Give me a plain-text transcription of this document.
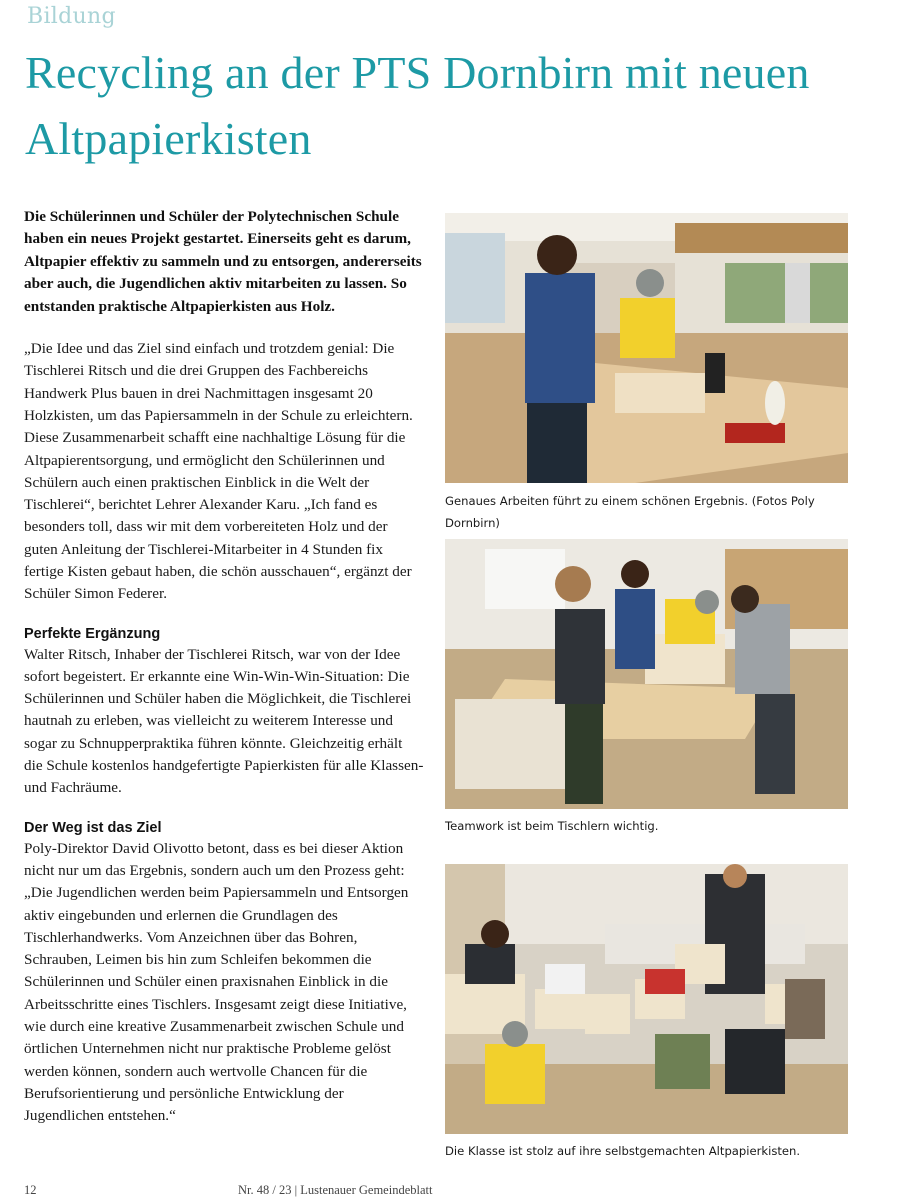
Bildung
Recycling an der PTS Dornbirn mit neuen Altpapierkisten

Die Schülerinnen und Schüler der Polytechnischen Schule haben ein neues Projekt gestartet. Einerseits geht es darum, Altpapier effektiv zu sammeln und zu entsorgen, andererseits aber auch, die Jugendlichen aktiv mitarbeiten zu lassen. So entstanden praktische Altpapierkisten aus Holz.

„Die Idee und das Ziel sind einfach und trotzdem genial: Die Tischlerei Ritsch und die drei Gruppen des Fachbereichs Handwerk Plus bauen in drei Nachmittagen insgesamt 20 Holzkisten, um das Papiersammeln in der Schule zu erleichtern. Diese Zusammenarbeit schafft eine nachhaltige Lösung für die Altpapierentsorgung, und ermöglicht den Schülerinnen und Schülern auch einen praktischen Einblick in die Welt der Tischlerei“, berichtet Lehrer Alexander Karu. „Ich fand es besonders toll, dass wir mit dem vorbereiteten Holz und der guten Anleitung der Tischlerei-Mitarbeiter in 4 Stunden fix fertige Kisten gebaut haben, die schön ausschauen“, ergänzt der Schüler Simon Federer.

Perfekte Ergänzung

Walter Ritsch, Inhaber der Tischlerei Ritsch, war von der Idee sofort begeistert. Er erkannte eine Win-Win-Win-Situation: Die Schülerinnen und Schüler haben die Möglichkeit, die Tischlerei hautnah zu erleben, was vielleicht zu weiterem Interesse und sogar zu Schnupperpraktika führen könnte. Gleichzeitig erhält die Schule kostenlos handgefertigte Papierkisten für alle Klassen- und Fachräume.

Der Weg ist das Ziel

Poly-Direktor David Olivotto betont, dass es bei dieser Aktion nicht nur um das Ergebnis, sondern auch um den Prozess geht: „Die Jugendlichen werden beim Papiersammeln und Entsorgen aktiv eingebunden und erlernen die Grundlagen des Tischlerhandwerks. Vom Anzeichnen über das Bohren, Schrauben, Leimen bis hin zum Schleifen bekommen die Schülerinnen und Schüler einen praxisnahen Einblick in die Arbeitsschritte eines Tischlers. Insgesamt zeigt diese Initiative, wie durch eine kreative Zusammenarbeit zwischen Schule und örtlichen Unternehmen nicht nur praktische Probleme gelöst werden können, sondern auch wertvolle Chancen für die Berufsorientierung und persönliche Entwicklung der Jugendlichen entstehen.“

Genaues Arbeiten führt zu einem schönen Ergebnis. (Fotos Poly Dornbirn)

Teamwork ist beim Tischlern wichtig.

Die Klasse ist stolz auf ihre selbstgemachten Altpapierkisten.

12	Nr. 48 / 23 | Lustenauer Gemeindeblatt
